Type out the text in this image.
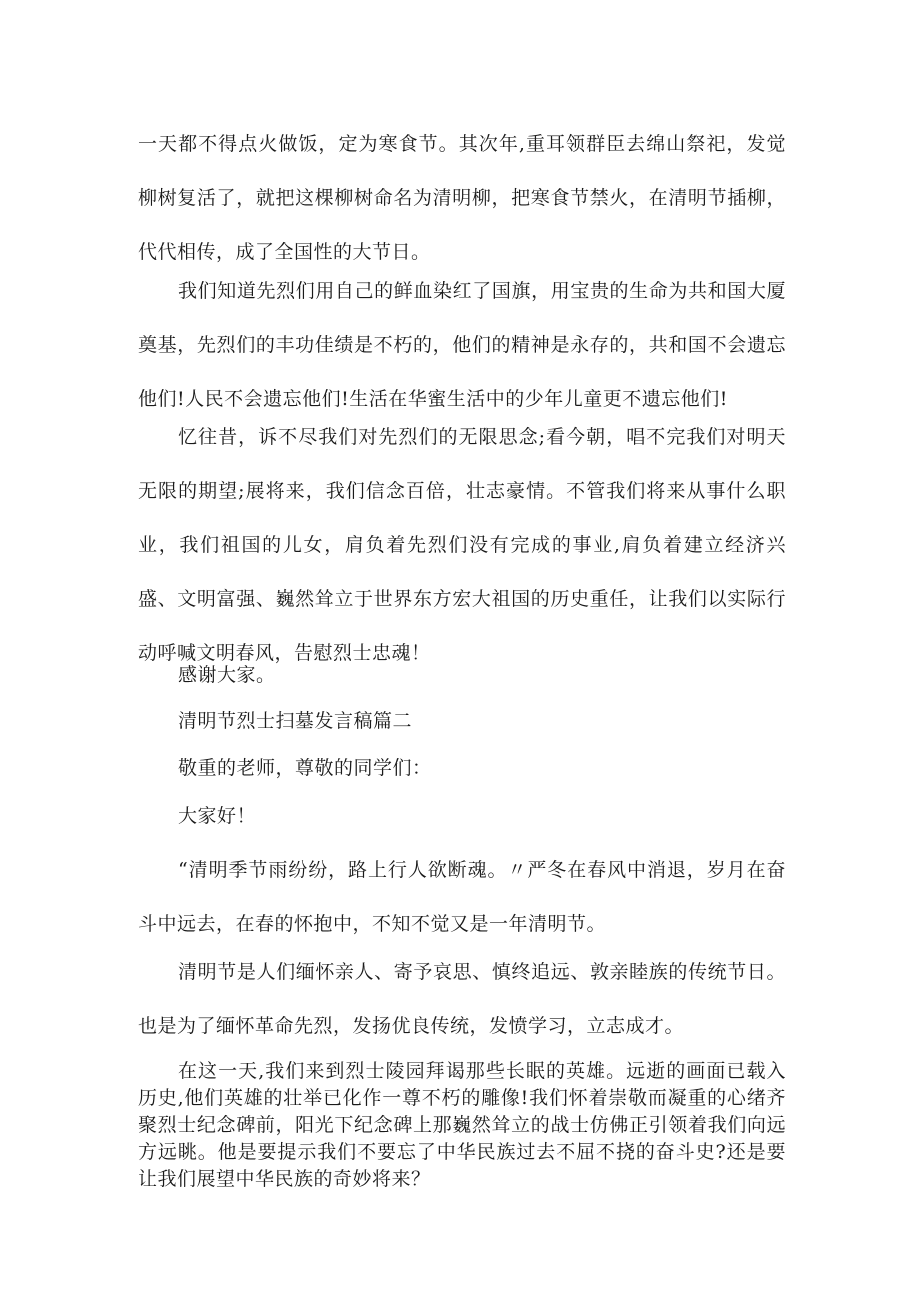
一天都不得点火做饭，定为寒食节。其次年,重耳领群臣去绵山祭祀，发觉柳树复活了，就把这棵柳树命名为清明柳，把寒食节禁火，在清明节插柳，代代相传，成了全国性的大节日。

我们知道先烈们用自己的鲜血染红了国旗，用宝贵的生命为共和国大厦奠基，先烈们的丰功佳绩是不朽的，他们的精神是永存的，共和国不会遗忘他们!人民不会遗忘他们!生活在华蜜生活中的少年儿童更不遗忘他们!

忆往昔，诉不尽我们对先烈们的无限思念;看今朝，唱不完我们对明天无限的期望;展将来，我们信念百倍，壮志豪情。不管我们将来从事什么职业，我们祖国的儿女，肩负着先烈们没有完成的事业,肩负着建立经济兴盛、文明富强、巍然耸立于世界东方宏大祖国的历史重任，让我们以实际行动呼喊文明春风，告慰烈士忠魂！

感谢大家。

清明节烈士扫墓发言稿篇二

敬重的老师，尊敬的同学们：

大家好！

“清明季节雨纷纷，路上行人欲断魂。〃严冬在春风中消退，岁月在奋斗中远去，在春的怀抱中，不知不觉又是一年清明节。

清明节是人们缅怀亲人、寄予哀思、慎终追远、敦亲睦族的传统节日。也是为了缅怀革命先烈，发扬优良传统，发愤学习，立志成才。

在这一天,我们来到烈士陵园拜谒那些长眠的英雄。远逝的画面已载入历史,他们英雄的壮举已化作一尊不朽的雕像!我们怀着崇敬而凝重的心绪齐聚烈士纪念碑前，阳光下纪念碑上那巍然耸立的战士仿佛正引领着我们向远方远眺。他是要提示我们不要忘了中华民族过去不屈不挠的奋斗史?还是要让我们展望中华民族的奇妙将来？
